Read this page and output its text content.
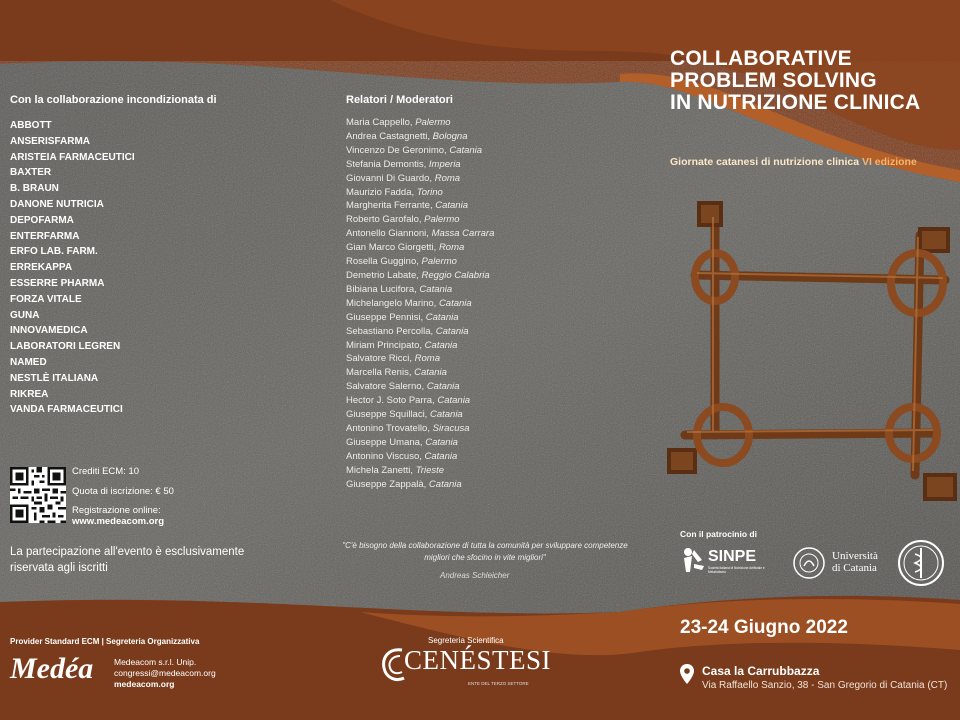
Con la collaborazione incondizionata di
ABBOTT
ANSERISFARMA
ARISTEIA FARMACEUTICI
BAXTER
B. BRAUN
DANONE NUTRICIA
DEPOFARMA
ENTERFARMA
ERFO LAB. FARM.
ERREKAPPA
ESSERRE PHARMA
FORZA VITALE
GUNA
INNOVAMEDICA
LABORATORI LEGREN
NAMED
NESTLÈ ITALIANA
RIKREA
VANDA FARMACEUTICI
Relatori / Moderatori
Maria Cappello, Palermo
Andrea Castagnetti, Bologna
Vincenzo De Geronimo, Catania
Stefania Demontis, Imperia
Giovanni Di Guardo, Roma
Maurizio Fadda, Torino
Margherita Ferrante, Catania
Roberto Garofalo, Palermo
Antonello Giannoni, Massa Carrara
Gian Marco Giorgetti, Roma
Rosella Guggino, Palermo
Demetrio Labate, Reggio Calabria
Bibiana Lucifora, Catania
Michelangelo Marino, Catania
Giuseppe Pennisi, Catania
Sebastiano Percolla, Catania
Miriam Principato, Catania
Salvatore Ricci, Roma
Marcella Renis, Catania
Salvatore Salerno, Catania
Hector J. Soto Parra, Catania
Giuseppe Squillaci, Catania
Antonino Trovatello, Siracusa
Giuseppe Umana, Catania
Antonino Viscuso, Catania
Michela Zanetti, Trieste
Giuseppe Zappalà, Catania
COLLABORATIVE
PROBLEM SOLVING
IN NUTRIZIONE CLINICA
Giornate catanesi di nutrizione clinica VI edizione
Crediti ECM: 10
Quota di iscrizione: € 50
Registrazione online:
www.medeacom.org
La partecipazione all'evento è esclusivamente riservata agli iscritti
"C'è bisogno della collaborazione di tutta la comunità per sviluppare competenze migliori che sfocino in vite migliori"
Andreas Schleicher
Con il patrocinio di
SINPE
Società Italiana di Nutrizione Artificiale e Metabolismo
Università di Catania
23-24 Giugno 2022
Casa la Carrubbazza
Via Raffaello Sanzio, 38 - San Gregorio di Catania (CT)
Provider Standard ECM | Segreteria Organizzativa
Medéa Medeacom s.r.l. Unip.
congressi@medeacom.org
medeacom.org
Segreteria Scientifica
CENÉSTESI
ENTE DEL TERZO SETTORE
